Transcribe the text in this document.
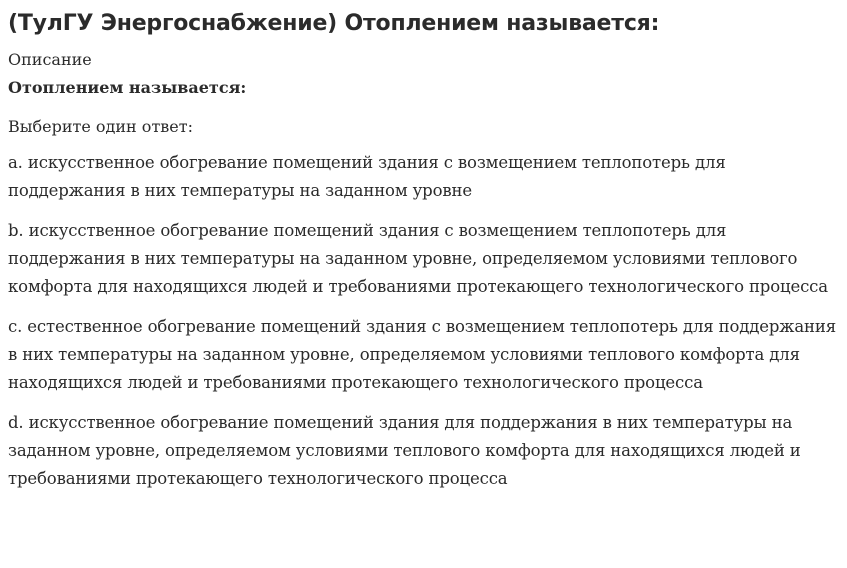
(ТулГУ Энергоснабжение) Отоплением называется:
Описание
Отоплением называется:
Выберите один ответ:
a. искусственное обогревание помещений здания с возмещением теплопотерь для поддержания в них температуры на заданном уровне
b. искусственное обогревание помещений здания с возмещением теплопотерь для поддержания в них температуры на заданном уровне, определяемом условиями теплового комфорта для находящихся людей и требованиями протекающего технологического процесса
c. естественное обогревание помещений здания с возмещением теплопотерь для поддержания в них температуры на заданном уровне, определяемом условиями теплового комфорта для находящихся людей и требованиями протекающего технологического процесса
d. искусственное обогревание помещений здания для поддержания в них температуры на заданном уровне, определяемом условиями теплового комфорта для находящихся людей и требованиями протекающего технологического процесса
